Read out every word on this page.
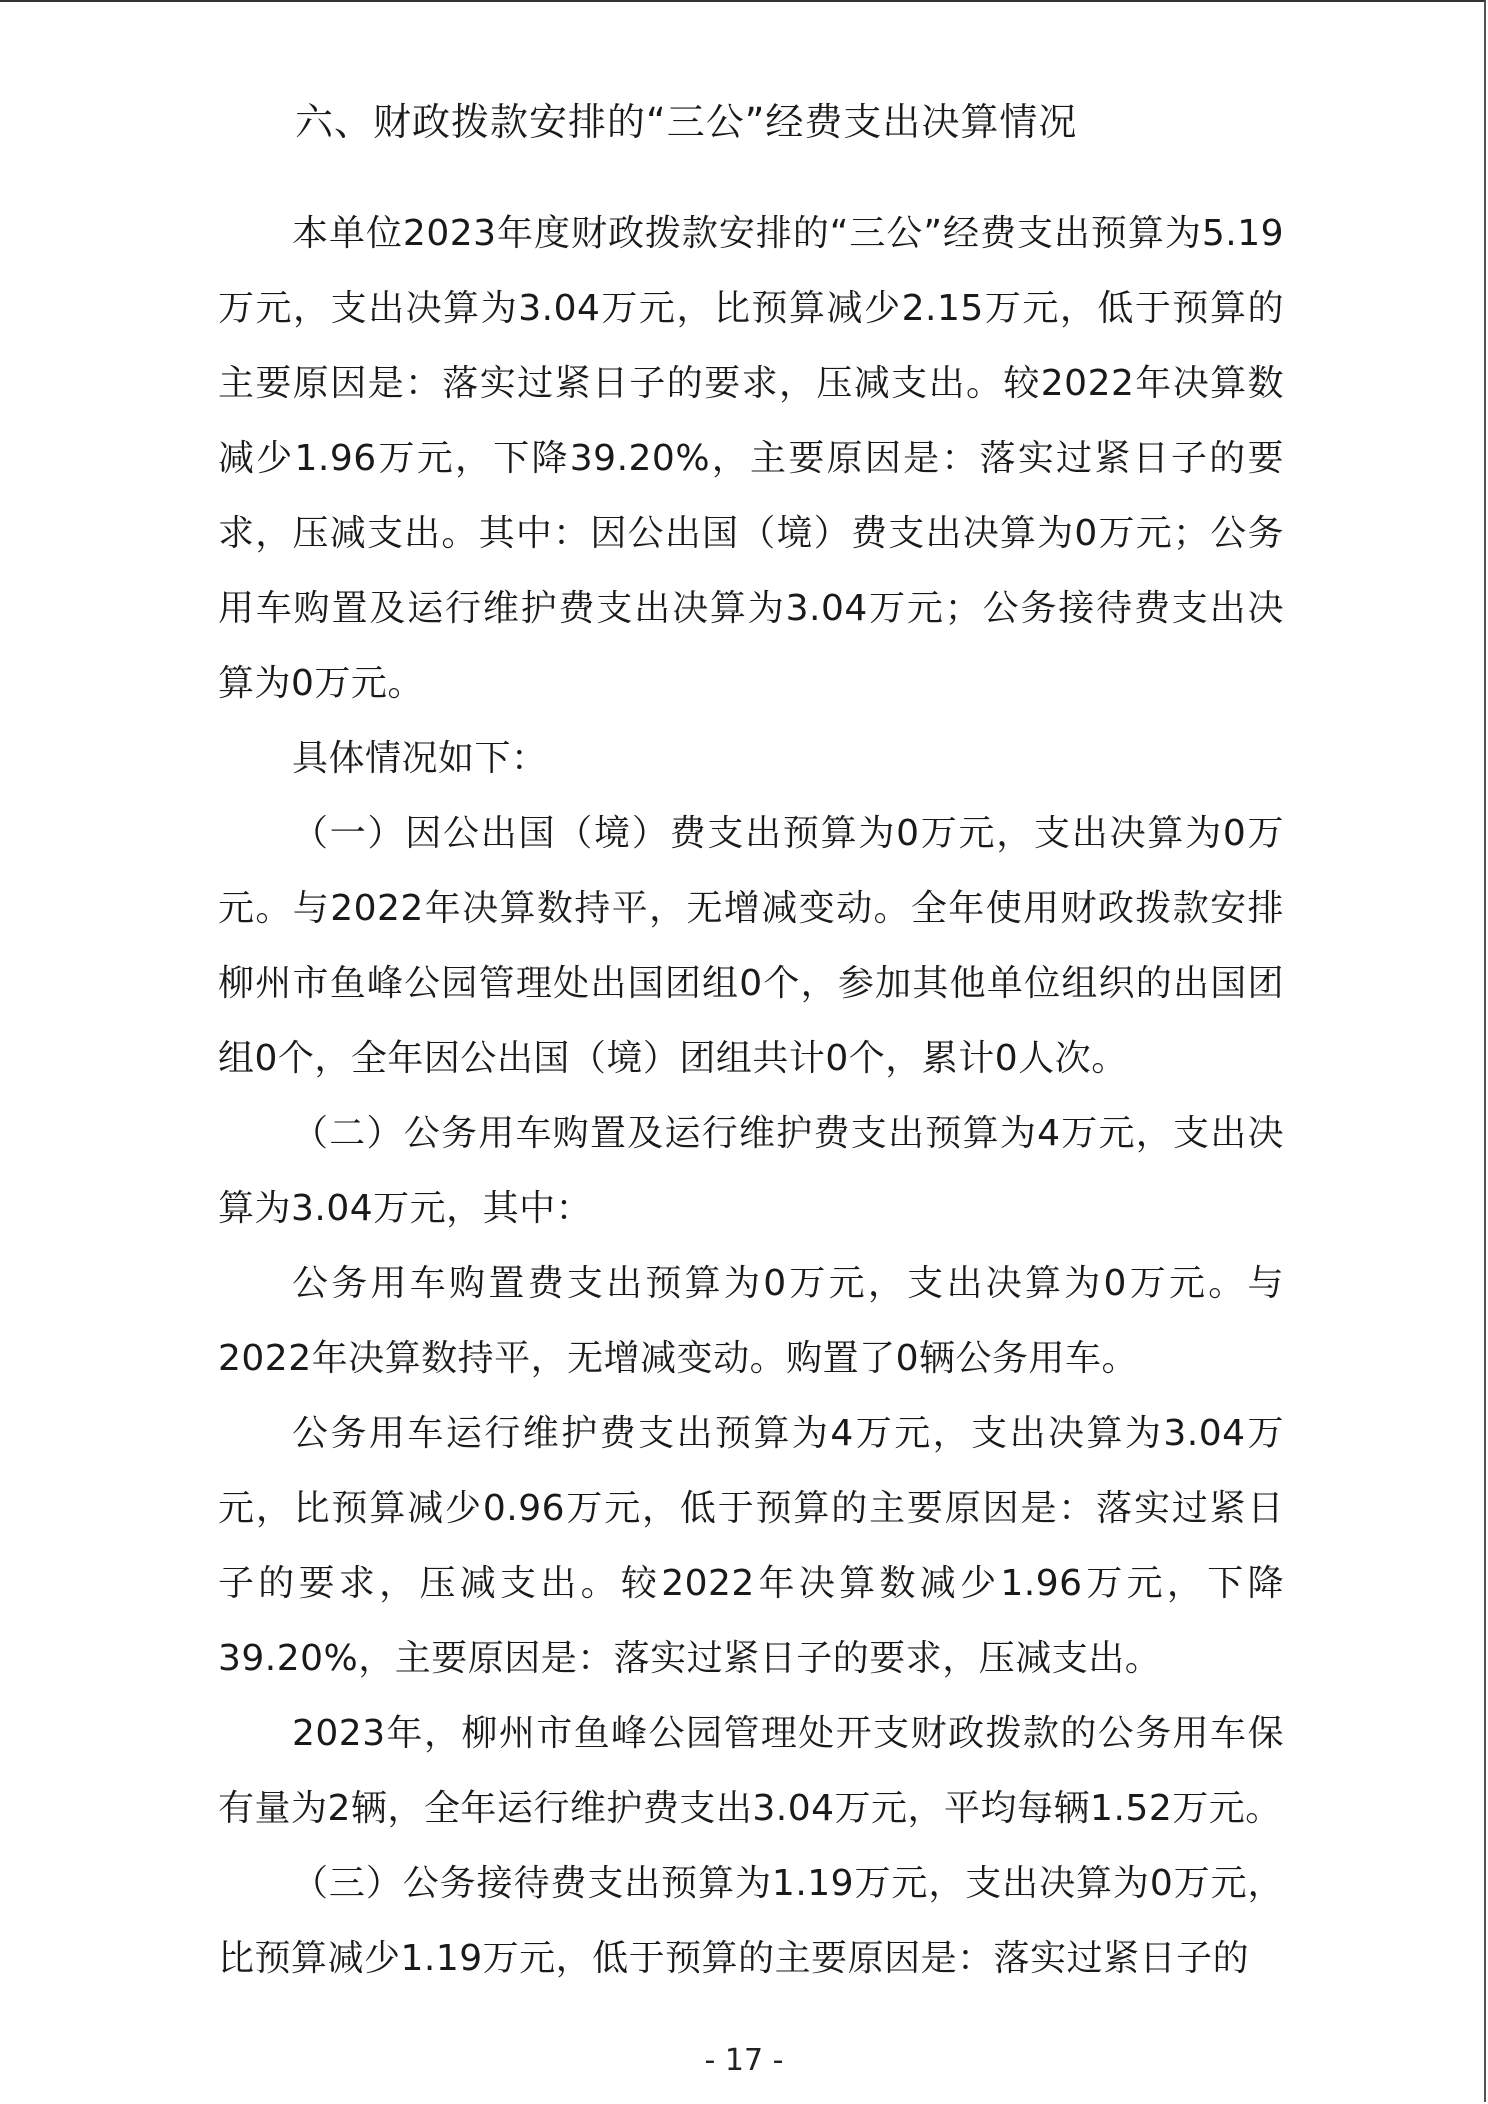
六、财政拨款安排的“三公”经费支出决算情况

本单位2023年度财政拨款安排的“三公”经费支出预算为5.19万元，支出决算为3.04万元，比预算减少2.15万元，低于预算的主要原因是：落实过紧日子的要求，压减支出。较2022年决算数减少1.96万元，下降39.20%，主要原因是：落实过紧日子的要求，压减支出。其中：因公出国（境）费支出决算为0万元；公务用车购置及运行维护费支出决算为3.04万元；公务接待费支出决算为0万元。

具体情况如下：

（一）因公出国（境）费支出预算为0万元，支出决算为0万元。与2022年决算数持平，无增减变动。全年使用财政拨款安排柳州市鱼峰公园管理处出国团组0个，参加其他单位组织的出国团组0个，全年因公出国（境）团组共计0个，累计0人次。

（二）公务用车购置及运行维护费支出预算为4万元，支出决算为3.04万元，其中：

公务用车购置费支出预算为0万元，支出决算为0万元。与2022年决算数持平，无增减变动。购置了0辆公务用车。

公务用车运行维护费支出预算为4万元，支出决算为3.04万元，比预算减少0.96万元，低于预算的主要原因是：落实过紧日子的要求，压减支出。较2022年决算数减少1.96万元，下降39.20%，主要原因是：落实过紧日子的要求，压减支出。

2023年，柳州市鱼峰公园管理处开支财政拨款的公务用车保有量为2辆，全年运行维护费支出3.04万元，平均每辆1.52万元。

（三）公务接待费支出预算为1.19万元，支出决算为0万元，比预算减少1.19万元，低于预算的主要原因是：落实过紧日子的

- 17 -
